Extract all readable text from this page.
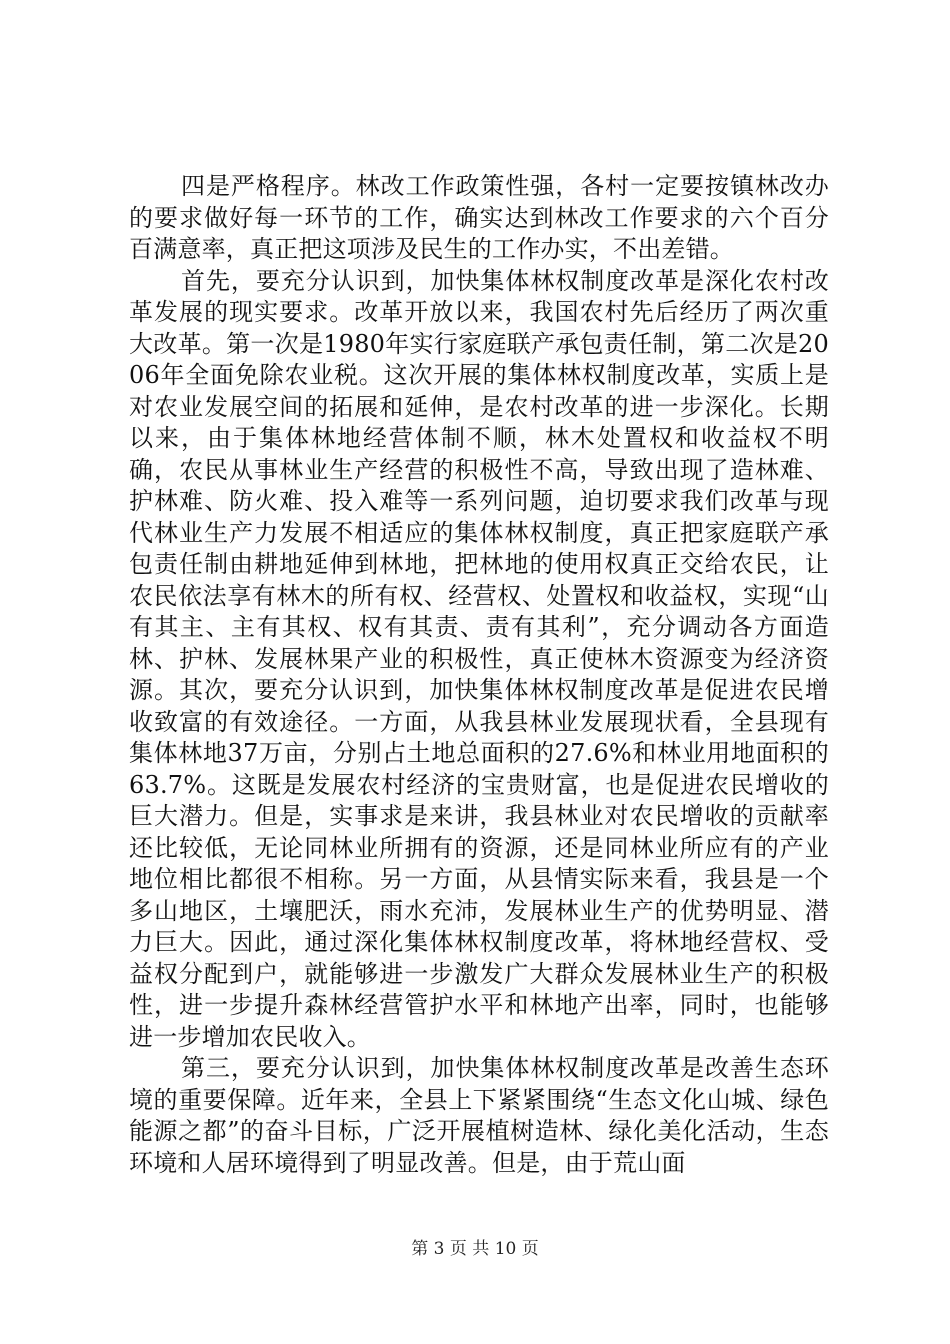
四是严格程序。林改工作政策性强，各村一定要按镇林改办的要求做好每一环节的工作，确实达到林改工作要求的六个百分百满意率，真正把这项涉及民生的工作办实，不出差错。

首先，要充分认识到，加快集体林权制度改革是深化农村改革发展的现实要求。改革开放以来，我国农村先后经历了两次重大改革。第一次是1980年实行家庭联产承包责任制，第二次是2006年全面免除农业税。这次开展的集体林权制度改革，实质上是对农业发展空间的拓展和延伸，是农村改革的进一步深化。长期以来，由于集体林地经营体制不顺，林木处置权和收益权不明确，农民从事林业生产经营的积极性不高，导致出现了造林难、护林难、防火难、投入难等一系列问题，迫切要求我们改革与现代林业生产力发展不相适应的集体林权制度，真正把家庭联产承包责任制由耕地延伸到林地，把林地的使用权真正交给农民，让农民依法享有林木的所有权、经营权、处置权和收益权，实现“山有其主、主有其权、权有其责、责有其利”，充分调动各方面造林、护林、发展林果产业的积极性，真正使林木资源变为经济资源。其次，要充分认识到，加快集体林权制度改革是促进农民增收致富的有效途径。一方面，从我县林业发展现状看，全县现有集体林地37万亩，分别占土地总面积的27.6%和林业用地面积的63.7%。这既是发展农村经济的宝贵财富，也是促进农民增收的巨大潜力。但是，实事求是来讲，我县林业对农民增收的贡献率还比较低，无论同林业所拥有的资源，还是同林业所应有的产业地位相比都很不相称。另一方面，从县情实际来看，我县是一个多山地区，土壤肥沃，雨水充沛，发展林业生产的优势明显、潜力巨大。因此，通过深化集体林权制度改革，将林地经营权、受益权分配到户，就能够进一步激发广大群众发展林业生产的积极性，进一步提升森林经营管护水平和林地产出率，同时，也能够进一步增加农民收入。

第三，要充分认识到，加快集体林权制度改革是改善生态环境的重要保障。近年来，全县上下紧紧围绕“生态文化山城、绿色能源之都”的奋斗目标，广泛开展植树造林、绿化美化活动，生态环境和人居环境得到了明显改善。但是，由于荒山面

第 3 页 共 10 页
